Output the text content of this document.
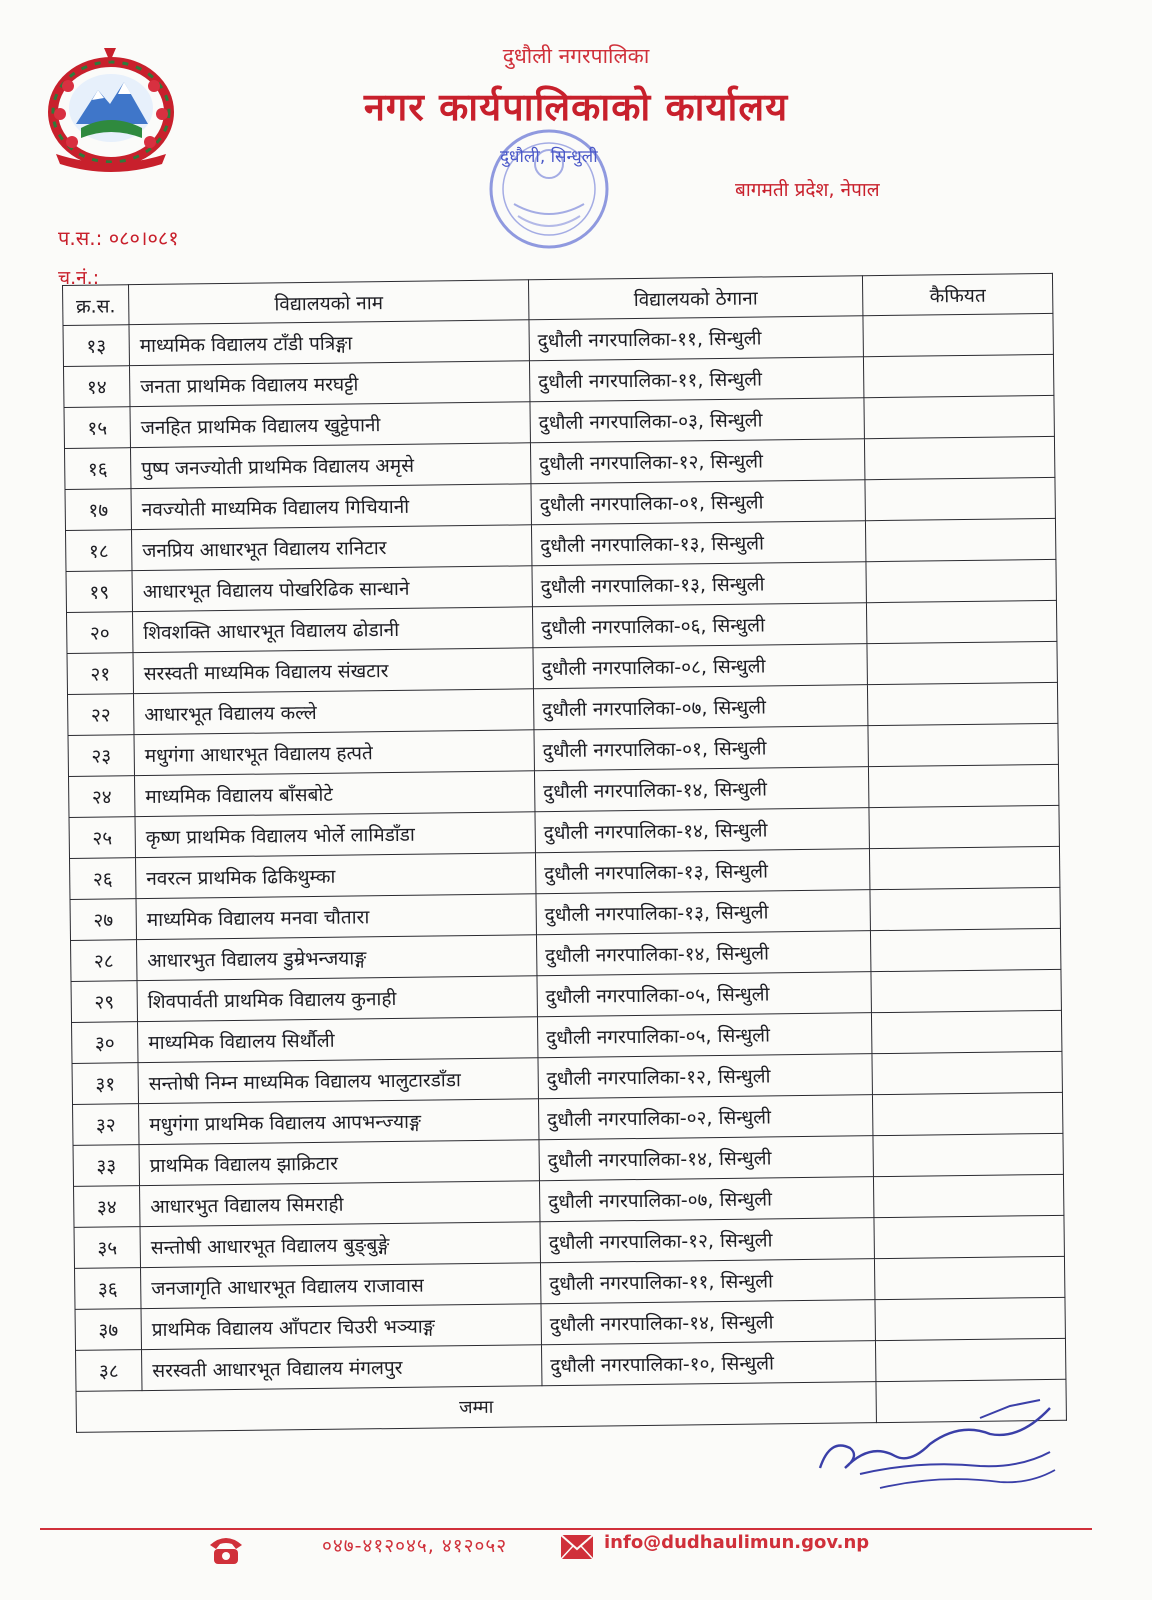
दुधौली नगरपालिका
नगर कार्यपालिकाको कार्यालय
दुधौली, सिन्धुली
बागमती प्रदेश, नेपाल
प.स.: ०८०।०८१
च.नं.:
क्र.स.	विद्यालयको नाम	विद्यालयको ठेगाना	कैफियत
१३	माध्यमिक विद्यालय टाँडी पत्रिङ्गा	दुधौली नगरपालिका-११, सिन्धुली	
१४	जनता प्राथमिक विद्यालय मरघट्टी	दुधौली नगरपालिका-११, सिन्धुली	
१५	जनहित प्राथमिक विद्यालय खुट्टेपानी	दुधौली नगरपालिका-०३, सिन्धुली	
१६	पुष्प जनज्योती प्राथमिक विद्यालय अमृसे	दुधौली नगरपालिका-१२, सिन्धुली	
१७	नवज्योती माध्यमिक विद्यालय गिचियानी	दुधौली नगरपालिका-०१, सिन्धुली	
१८	जनप्रिय आधारभूत विद्यालय रानिटार	दुधौली नगरपालिका-१३, सिन्धुली	
१९	आधारभूत विद्यालय पोखरिढिक सान्धाने	दुधौली नगरपालिका-१३, सिन्धुली	
२०	शिवशक्ति आधारभूत विद्यालय ढोडानी	दुधौली नगरपालिका-०६, सिन्धुली	
२१	सरस्वती माध्यमिक विद्यालय संखटार	दुधौली नगरपालिका-०८, सिन्धुली	
२२	आधारभूत विद्यालय कल्ले	दुधौली नगरपालिका-०७, सिन्धुली	
२३	मधुगंगा आधारभूत विद्यालय हत्पते	दुधौली नगरपालिका-०१, सिन्धुली	
२४	माध्यमिक विद्यालय बाँसबोटे	दुधौली नगरपालिका-१४, सिन्धुली	
२५	कृष्ण प्राथमिक विद्यालय भोर्ले लामिडाँडा	दुधौली नगरपालिका-१४, सिन्धुली	
२६	नवरत्न प्राथमिक ढिकिथुम्का	दुधौली नगरपालिका-१३, सिन्धुली	
२७	माध्यमिक विद्यालय मनवा चौतारा	दुधौली नगरपालिका-१३, सिन्धुली	
२८	आधारभुत विद्यालय डुम्रेभन्जयाङ्ग	दुधौली नगरपालिका-१४, सिन्धुली	
२९	शिवपार्वती प्राथमिक विद्यालय कुनाही	दुधौली नगरपालिका-०५, सिन्धुली	
३०	माध्यमिक विद्यालय सिर्थौली	दुधौली नगरपालिका-०५, सिन्धुली	
३१	सन्तोषी निम्न माध्यमिक विद्यालय भालुटारडाँडा	दुधौली नगरपालिका-१२, सिन्धुली	
३२	मधुगंगा प्राथमिक विद्यालय आपभन्ज्याङ्ग	दुधौली नगरपालिका-०२, सिन्धुली	
३३	प्राथमिक विद्यालय झाक्रिटार	दुधौली नगरपालिका-१४, सिन्धुली	
३४	आधारभुत विद्यालय सिमराही	दुधौली नगरपालिका-०७, सिन्धुली	
३५	सन्तोषी आधारभूत विद्यालय बुङ्बुङ्गे	दुधौली नगरपालिका-१२, सिन्धुली	
३६	जनजागृति आधारभूत विद्यालय राजावास	दुधौली नगरपालिका-११, सिन्धुली	
३७	प्राथमिक विद्यालय आँपटार चिउरी भञ्याङ्ग	दुधौली नगरपालिका-१४, सिन्धुली	
३८	सरस्वती आधारभूत विद्यालय मंगलपुर	दुधौली नगरपालिका-१०, सिन्धुली	
जम्मा			
०४७-४१२०४५, ४१२०५२	info@dudhaulimun.gov.np
